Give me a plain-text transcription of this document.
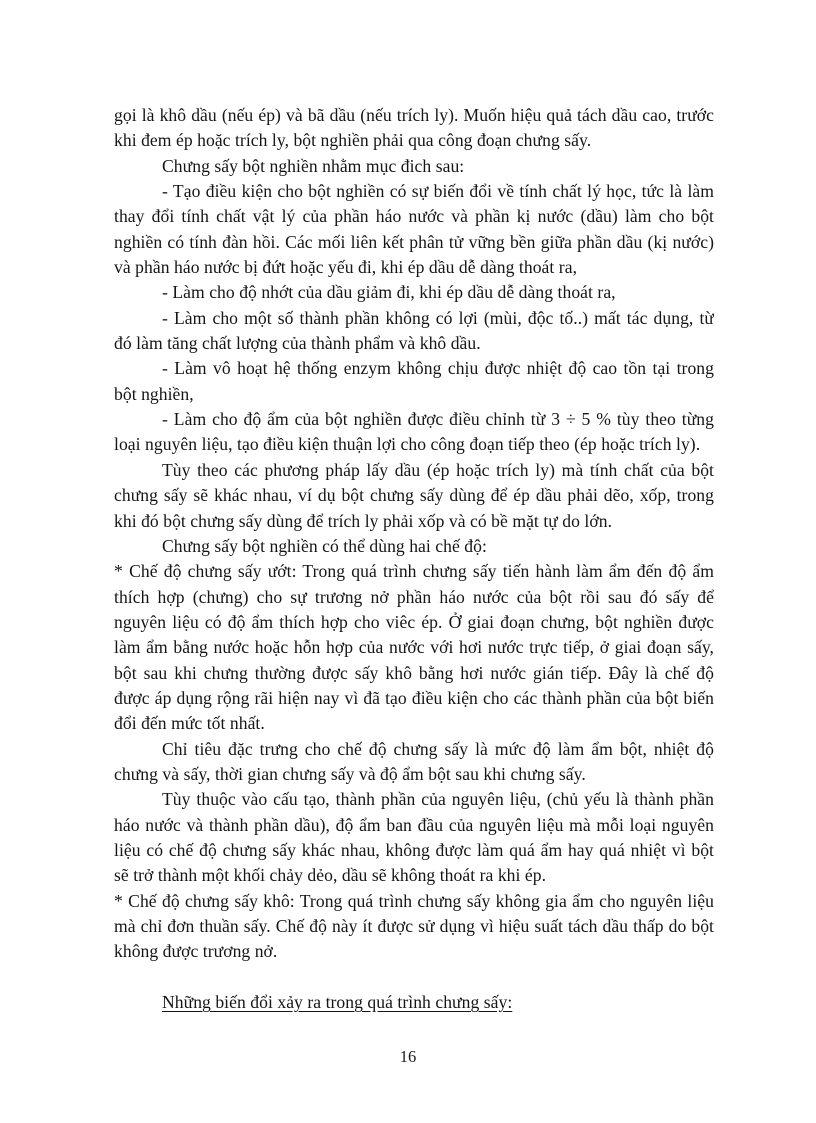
gọi là khô dầu (nếu ép) và bã dầu (nếu trích ly). Muốn hiệu quả tách dầu cao, trước
khi đem ép hoặc trích ly, bột nghiền phải qua công đoạn chưng sấy.
Chưng sấy bột nghiền nhằm mục đich sau:
- Tạo điều kiện cho bột nghiền có sự biến đổi về tính chất lý học, tức là làm
thay đổi tính chất vật lý của phần háo nước và phần kị nước (dầu) làm cho bột
nghiền có tính đàn hồi. Các mối liên kết phân tử vững bền giữa phần dầu (kị nước)
và phần háo nước bị đứt hoặc yếu đi, khi ép dầu dễ dàng thoát ra,
- Làm cho độ nhớt của dầu giảm đi, khi ép dầu dễ dàng thoát ra,
- Làm cho một số thành phần không có lợi (mùi, độc tố..) mất tác dụng, từ
đó làm tăng chất lượng của thành phẩm và khô dầu.
- Làm vô hoạt hệ thống enzym không chịu được nhiệt độ cao tồn tại trong
bột nghiền,
- Làm cho độ ẩm của bột nghiền được điều chỉnh từ 3 ÷ 5 % tùy theo từng
loại nguyên liệu, tạo điều kiện thuận lợi cho công đoạn tiếp theo (ép hoặc trích ly).
Tùy theo các phương pháp lấy dầu (ép hoặc trích ly) mà tính chất của bột
chưng sấy sẽ khác nhau, ví dụ bột chưng sấy dùng để ép dầu phải dẽo, xốp, trong
khi đó bột chưng sấy dùng để trích ly phải xốp và có bề mặt tự do lớn.
Chưng sấy bột nghiền có thể dùng hai chế độ:
* Chế độ chưng sấy ướt: Trong quá trình chưng sấy tiến hành làm ẩm đến độ ẩm
thích hợp (chưng) cho sự trương nở phần háo nước của bột rồi sau đó sấy để
nguyên liệu có độ ẩm thích hợp cho viêc ép. Ở giai đoạn chưng, bột nghiền được
làm ẩm bằng nước hoặc hỗn hợp của nước với hơi nước trực tiếp, ở giai đoạn sấy,
bột sau khi chưng thường được sấy khô bằng hơi nước gián tiếp. Đây là chế độ
được áp dụng rộng rãi hiện nay vì đã tạo điều kiện cho các thành phần của bột biến
đổi đến mức tốt nhất.
Chỉ tiêu đặc trưng cho chế độ chưng sấy là mức độ làm ẩm bột, nhiệt độ
chưng và sấy, thời gian chưng sấy và độ ẩm bột sau khi chưng sấy.
Tùy thuộc vào cấu tạo, thành phần của nguyên liệu, (chủ yếu là thành phần
háo nước và thành phần dầu), độ ẩm ban đầu của nguyên liệu mà mỗi loại nguyên
liệu có chế độ chưng sấy khác nhau, không được làm quá ẩm hay quá nhiệt vì bột
sẽ trở thành một khối chảy dẻo, dầu sẽ không thoát ra khi ép.
* Chế độ chưng sấy khô: Trong quá trình chưng sấy không gia ẩm cho nguyên liệu
mà chỉ đơn thuần sấy. Chế độ này ít được sử dụng vì hiệu suất tách dầu thấp do bột
không được trương nở.
Những biến đổi xảy ra trong quá trình chưng sấy:
16
